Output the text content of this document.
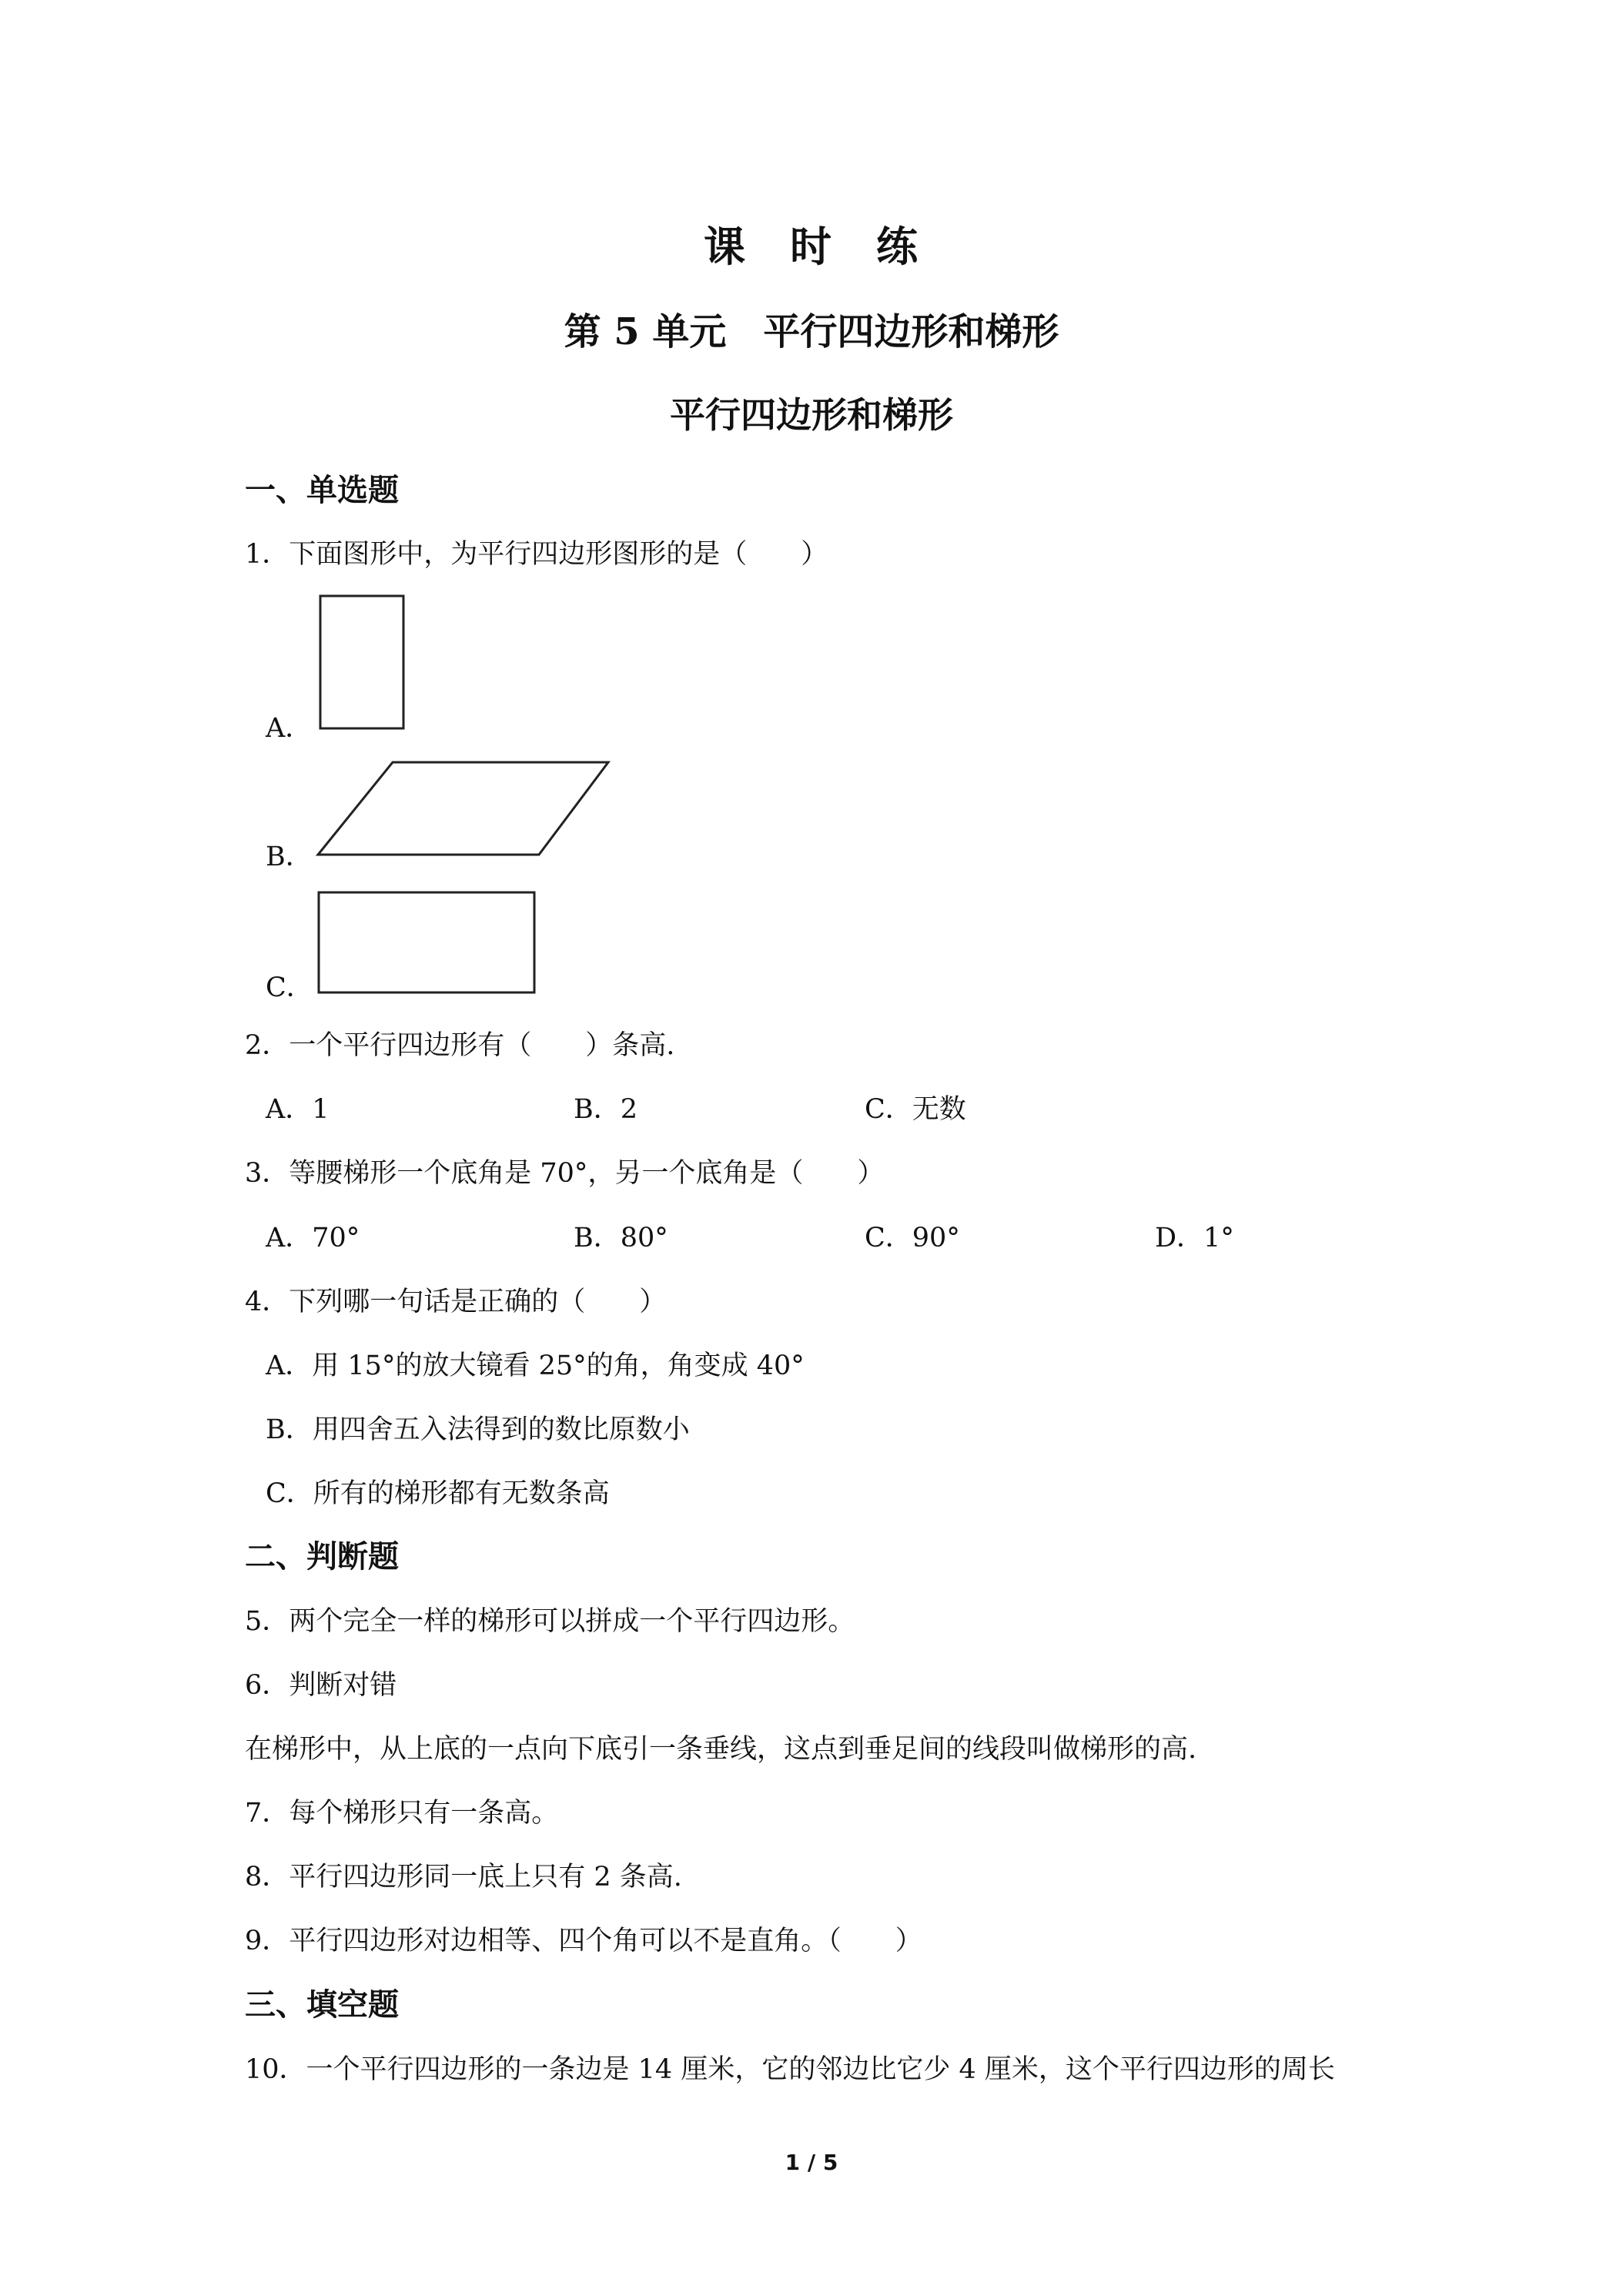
课　时　练
第 5 单元　平行四边形和梯形
平行四边形和梯形
一、单选题
1．下面图形中，为平行四边形图形的是（　　）
A．
B．
C．
2．一个平行四边形有（　　）条高.
A．1	B．2	C．无数
3．等腰梯形一个底角是 70°，另一个底角是（　　）
A．70°	B．80°	C．90°	D．1°
4．下列哪一句话是正确的（　　）
A．用 15°的放大镜看 25°的角，角变成 40°
B．用四舍五入法得到的数比原数小
C．所有的梯形都有无数条高
二、判断题
5．两个完全一样的梯形可以拼成一个平行四边形。
6．判断对错
在梯形中，从上底的一点向下底引一条垂线，这点到垂足间的线段叫做梯形的高.
7．每个梯形只有一条高。
8．平行四边形同一底上只有 2 条高.
9．平行四边形对边相等、四个角可以不是直角。（　　）
三、填空题
10．一个平行四边形的一条边是 14 厘米，它的邻边比它少 4 厘米，这个平行四边形的周长
1 / 5
